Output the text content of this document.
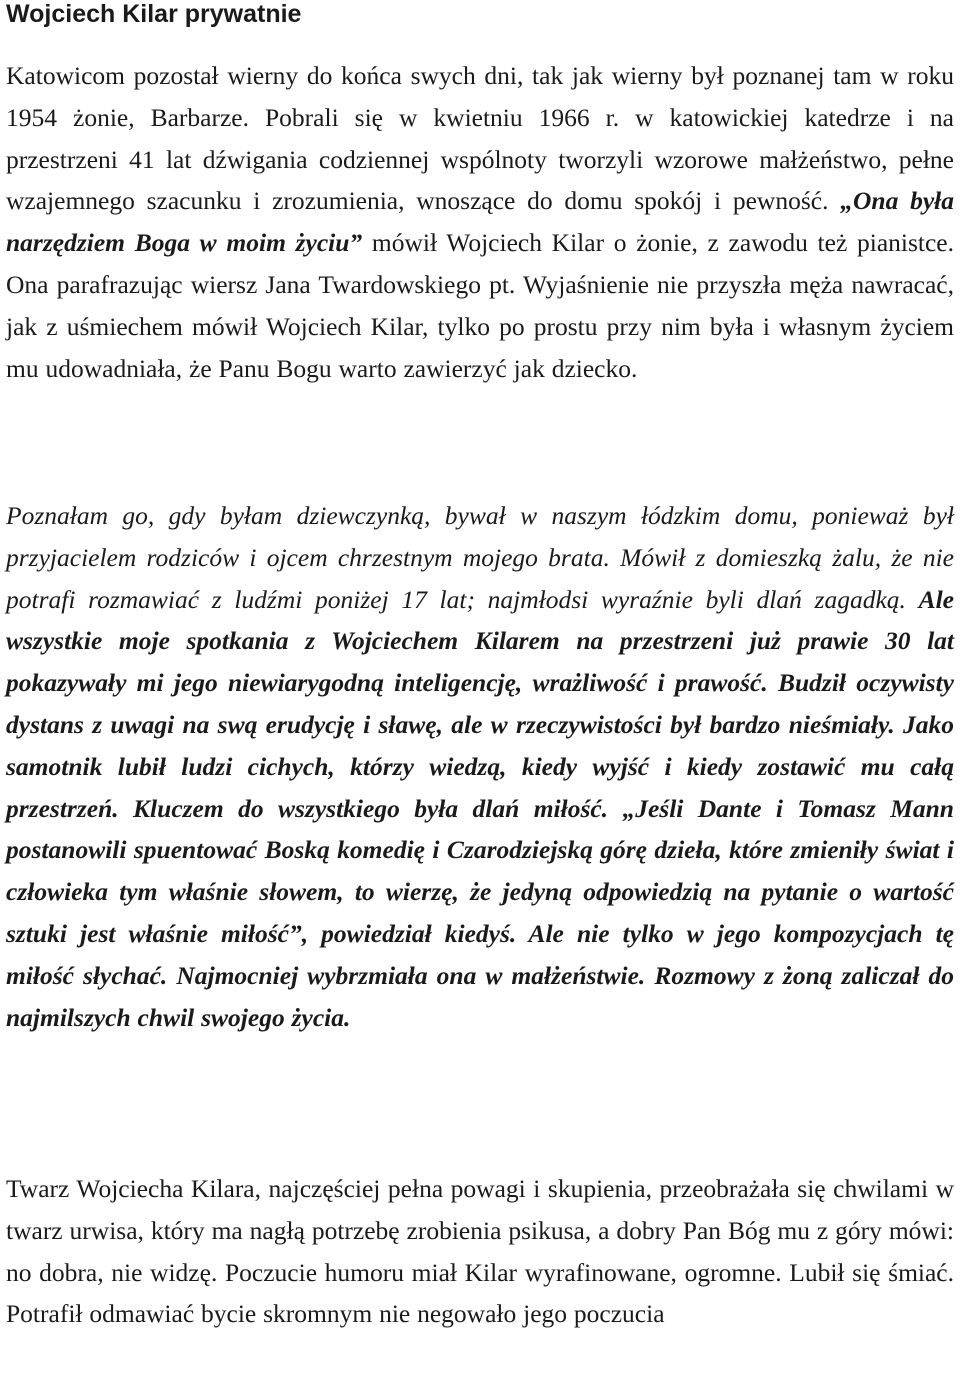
Wojciech Kilar prywatnie

Katowicom pozostał wierny do końca swych dni, tak jak wierny był poznanej tam w roku 1954 żonie, Barbarze. Pobrali się w kwietniu 1966 r. w katowickiej katedrze i na przestrzeni 41 lat dźwigania codziennej wspólnoty tworzyli wzorowe małżeństwo, pełne wzajemnego szacunku i zrozumienia, wnoszące do domu spokój i pewność. „Ona była narzędziem Boga w moim życiu” mówił Wojciech Kilar o żonie, z zawodu też pianistce. Ona parafrazując wiersz Jana Twardowskiego pt. Wyjaśnienie nie przyszła męża nawracać, jak z uśmiechem mówił Wojciech Kilar, tylko po prostu przy nim była i własnym życiem mu udowadniała, że Panu Bogu warto zawierzyć jak dziecko.

Poznałam go, gdy byłam dziewczynką, bywał w naszym łódzkim domu, ponieważ był przyjacielem rodziców i ojcem chrzestnym mojego brata. Mówił z domieszką żalu, że nie potrafi rozmawiać z ludźmi poniżej 17 lat; najmłodsi wyraźnie byli dlań zagadką. Ale wszystkie moje spotkania z Wojciechem Kilarem na przestrzeni już prawie 30 lat pokazywały mi jego niewiarygodną inteligencję, wrażliwość i prawość. Budził oczywisty dystans z uwagi na swą erudycję i sławę, ale w rzeczywistości był bardzo nieśmiały. Jako samotnik lubił ludzi cichych, którzy wiedzą, kiedy wyjść i kiedy zostawić mu całą przestrzeń. Kluczem do wszystkiego była dlań miłość. „Jeśli Dante i Tomasz Mann postanowili spuentować Boską komedię i Czarodziejską górę dzieła, które zmieniły świat i człowieka tym właśnie słowem, to wierzę, że jedyną odpowiedzią na pytanie o wartość sztuki jest właśnie miłość”, powiedział kiedyś. Ale nie tylko w jego kompozycjach tę miłość słychać. Najmocniej wybrzmiała ona w małżeństwie. Rozmowy z żoną zaliczał do najmilszych chwil swojego życia.

Twarz Wojciecha Kilara, najczęściej pełna powagi i skupienia, przeobrażała się chwilami w twarz urwisa, który ma nagłą potrzebę zrobienia psikusa, a dobry Pan Bóg mu z góry mówi: no dobra, nie widzę. Poczucie humoru miał Kilar wyrafinowane, ogromne. Lubił się śmiać. Potrafił odmawiać bycie skromnym nie negowało jego poczucia
